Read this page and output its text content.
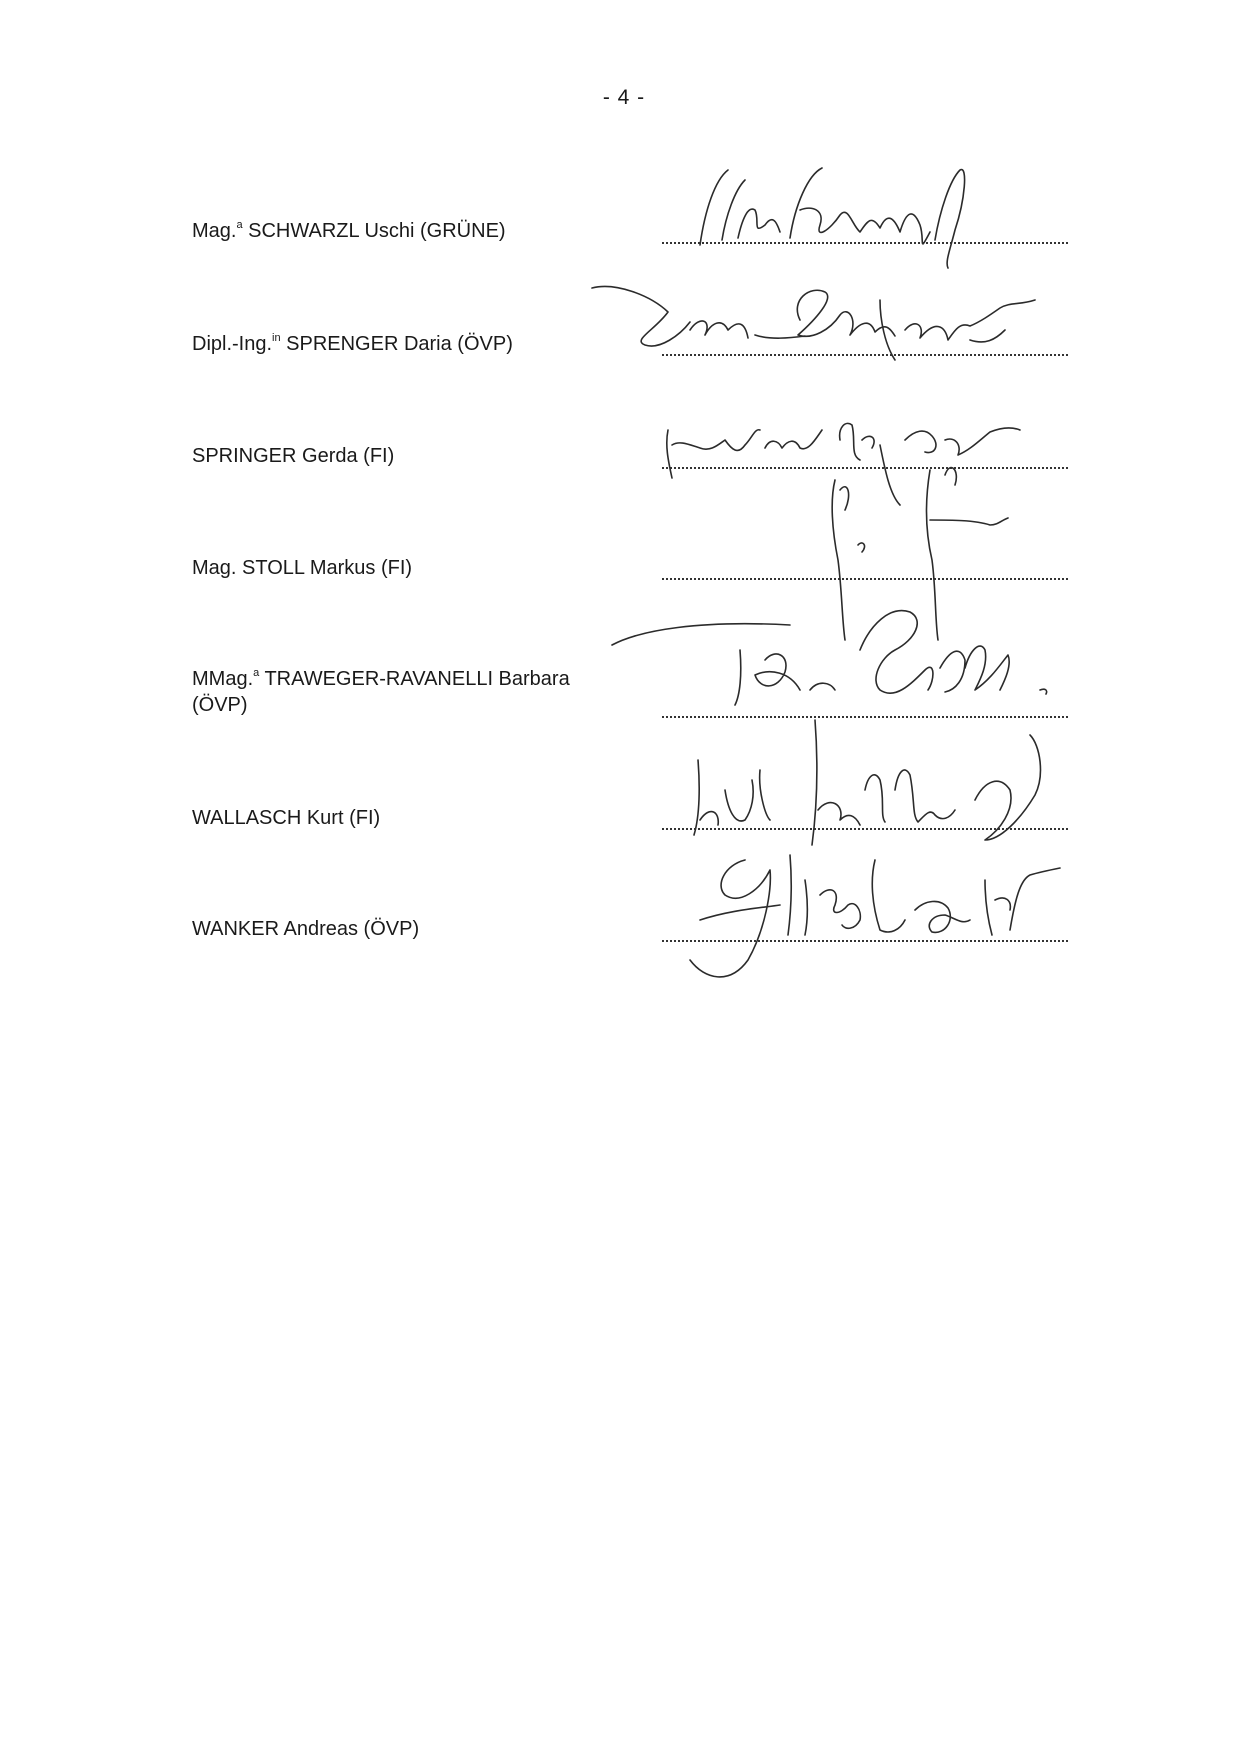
- 4 -
Mag.$^a$ SCHWARZL Uschi (GRÜNE)
Dipl.-Ing.$^{in}$ SPRENGER Daria (ÖVP)
SPRINGER Gerda (FI)
Mag. STOLL Markus (FI)
MMag.$^a$ TRAWEGER-RAVANELLI Barbara
(ÖVP)
WALLASCH Kurt (FI)
WANKER Andreas (ÖVP)
